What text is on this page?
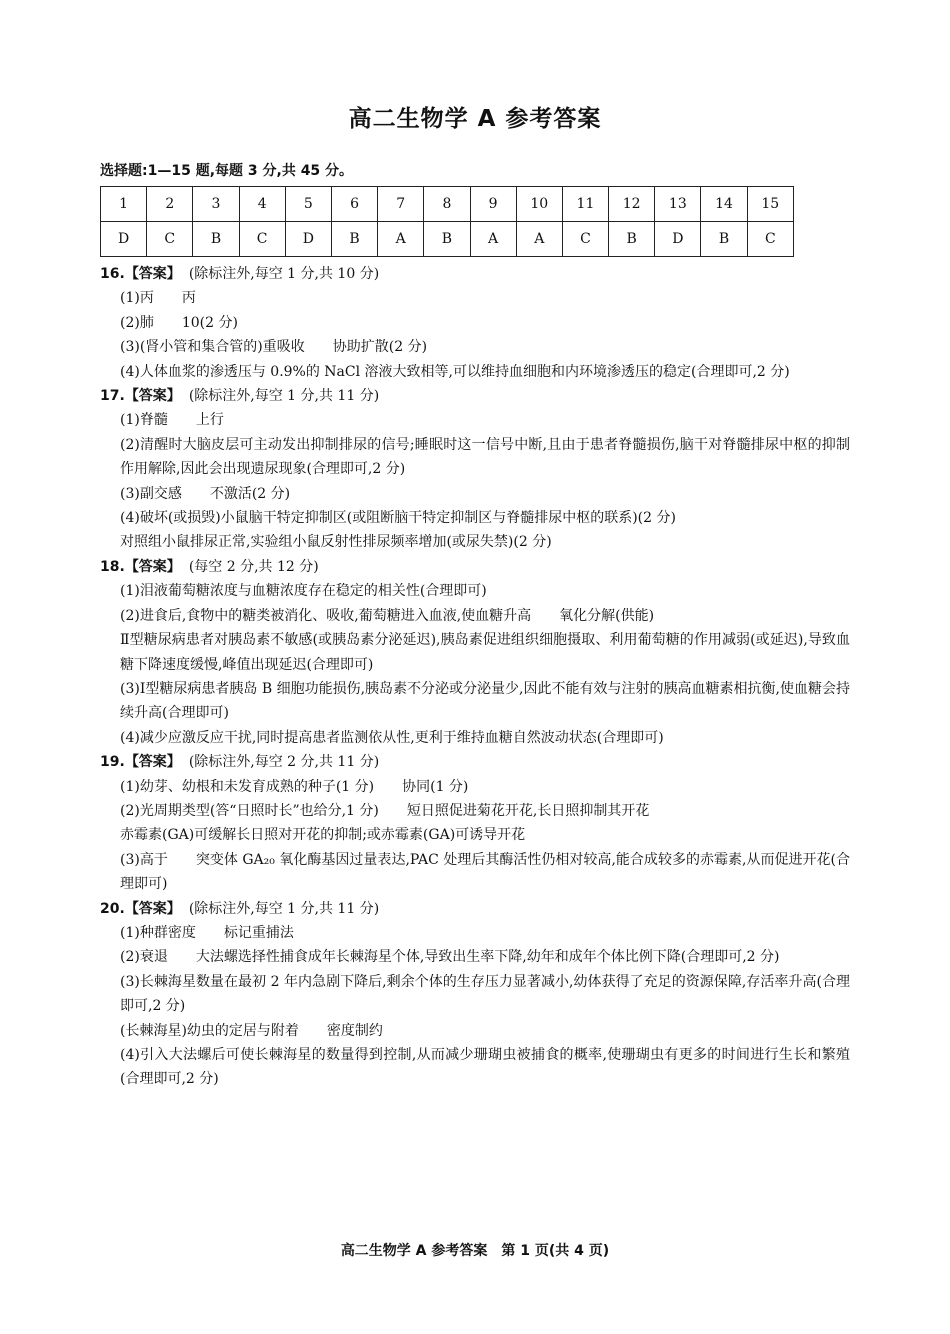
高二生物学 A 参考答案
选择题:1—15 题,每题 3 分,共 45 分。
1	2	3	4	5	6	7	8	9	10	11	12	13	14	15
D	C	B	C	D	B	A	B	A	A	C	B	D	B	C
16.【答案】 (除标注外,每空 1 分,共 10 分)
(1)丙　　丙
(2)肺　　10(2 分)
(3)(肾小管和集合管的)重吸收　　协助扩散(2 分)
(4)人体血浆的渗透压与 0.9%的 NaCl 溶液大致相等,可以维持血细胞和内环境渗透压的稳定(合理即可,2 分)
17.【答案】 (除标注外,每空 1 分,共 11 分)
(1)脊髓　　上行
(2)清醒时大脑皮层可主动发出抑制排尿的信号;睡眠时这一信号中断,且由于患者脊髓损伤,脑干对脊髓排尿中枢的抑制作用解除,因此会出现遗尿现象(合理即可,2 分)
(3)副交感　　不激活(2 分)
(4)破坏(或损毁)小鼠脑干特定抑制区(或阻断脑干特定抑制区与脊髓排尿中枢的联系)(2 分)
对照组小鼠排尿正常,实验组小鼠反射性排尿频率增加(或尿失禁)(2 分)
18.【答案】 (每空 2 分,共 12 分)
(1)泪液葡萄糖浓度与血糖浓度存在稳定的相关性(合理即可)
(2)进食后,食物中的糖类被消化、吸收,葡萄糖进入血液,使血糖升高　　氧化分解(供能)
Ⅱ型糖尿病患者对胰岛素不敏感(或胰岛素分泌延迟),胰岛素促进组织细胞摄取、利用葡萄糖的作用减弱(或延迟),导致血糖下降速度缓慢,峰值出现延迟(合理即可)
(3)Ⅰ型糖尿病患者胰岛 B 细胞功能损伤,胰岛素不分泌或分泌量少,因此不能有效与注射的胰高血糖素相抗衡,使血糖会持续升高(合理即可)
(4)减少应激反应干扰,同时提高患者监测依从性,更利于维持血糖自然波动状态(合理即可)
19.【答案】 (除标注外,每空 2 分,共 11 分)
(1)幼芽、幼根和未发育成熟的种子(1 分)　　协同(1 分)
(2)光周期类型(答“日照时长”也给分,1 分)　　短日照促进菊花开花,长日照抑制其开花
赤霉素(GA)可缓解长日照对开花的抑制;或赤霉素(GA)可诱导开花
(3)高于　　突变体 GA₂₀ 氧化酶基因过量表达,PAC 处理后其酶活性仍相对较高,能合成较多的赤霉素,从而促进开花(合理即可)
20.【答案】 (除标注外,每空 1 分,共 11 分)
(1)种群密度　　标记重捕法
(2)衰退　　大法螺选择性捕食成年长棘海星个体,导致出生率下降,幼年和成年个体比例下降(合理即可,2 分)
(3)长棘海星数量在最初 2 年内急剧下降后,剩余个体的生存压力显著减小,幼体获得了充足的资源保障,存活率升高(合理即可,2 分)
(长棘海星)幼虫的定居与附着　　密度制约
(4)引入大法螺后可使长棘海星的数量得到控制,从而减少珊瑚虫被捕食的概率,使珊瑚虫有更多的时间进行生长和繁殖(合理即可,2 分)
高二生物学 A 参考答案　第 1 页(共 4 页)
